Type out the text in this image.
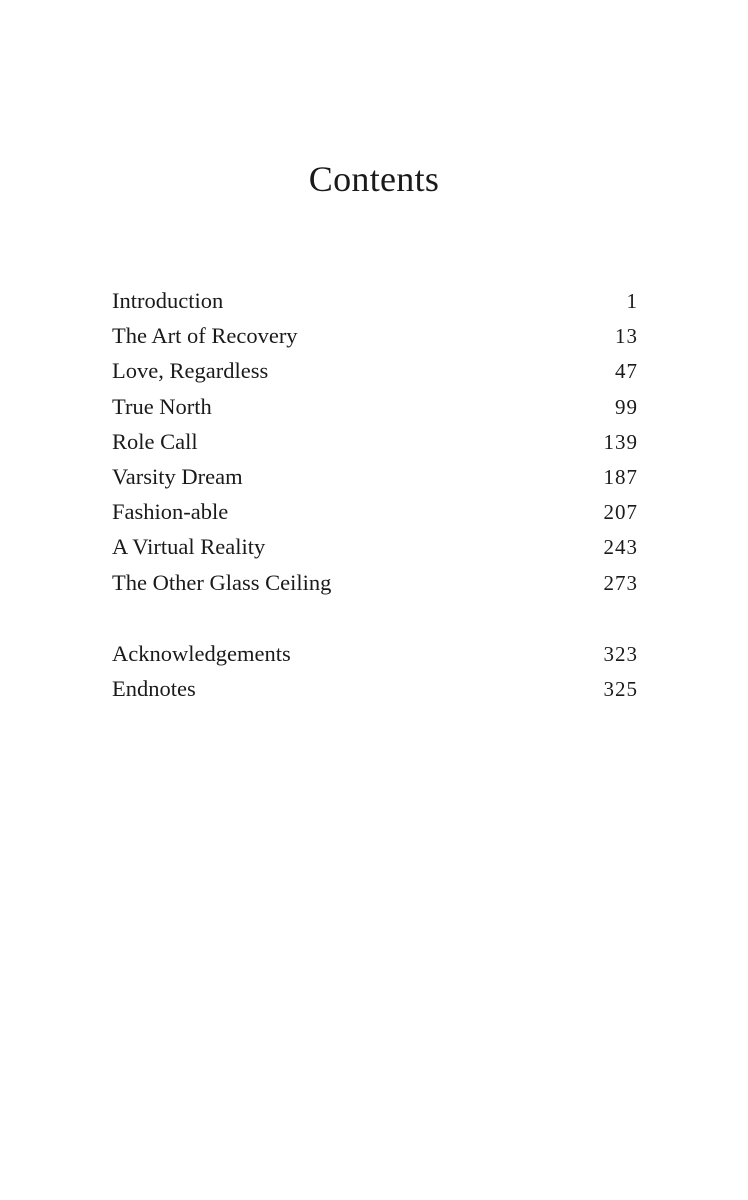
Contents
Introduction	1
The Art of Recovery	13
Love, Regardless	47
True North	99
Role Call	139
Varsity Dream	187
Fashion-able	207
A Virtual Reality	243
The Other Glass Ceiling	273
Acknowledgements	323
Endnotes	325
